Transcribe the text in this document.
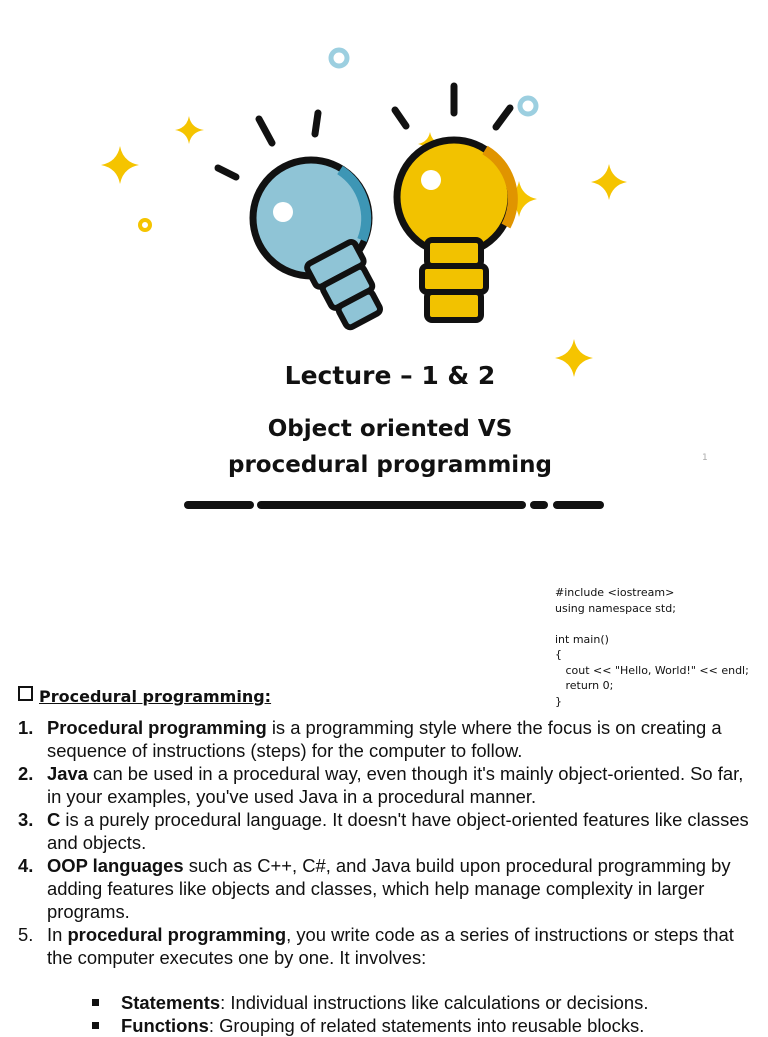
Lecture – 1 & 2
Object oriented VS
procedural programming	1
#include <iostream>
using namespace std;

int main()
{
cout << "Hello, World!" << endl;
return 0;
}
Procedural programming:
1. Procedural programming is a programming style where the focus is on creating a sequence of instructions (steps) for the computer to follow.
2. Java can be used in a procedural way, even though it's mainly object-oriented. So far, in your examples, you've used Java in a procedural manner.
3. C is a purely procedural language. It doesn't have object-oriented features like classes and objects.
4. OOP languages such as C++, C#, and Java build upon procedural programming by adding features like objects and classes, which help manage complexity in larger programs.
5. In procedural programming, you write code as a series of instructions or steps that the computer executes one by one. It involves:
Statements: Individual instructions like calculations or decisions.
Functions: Grouping of related statements into reusable blocks.
